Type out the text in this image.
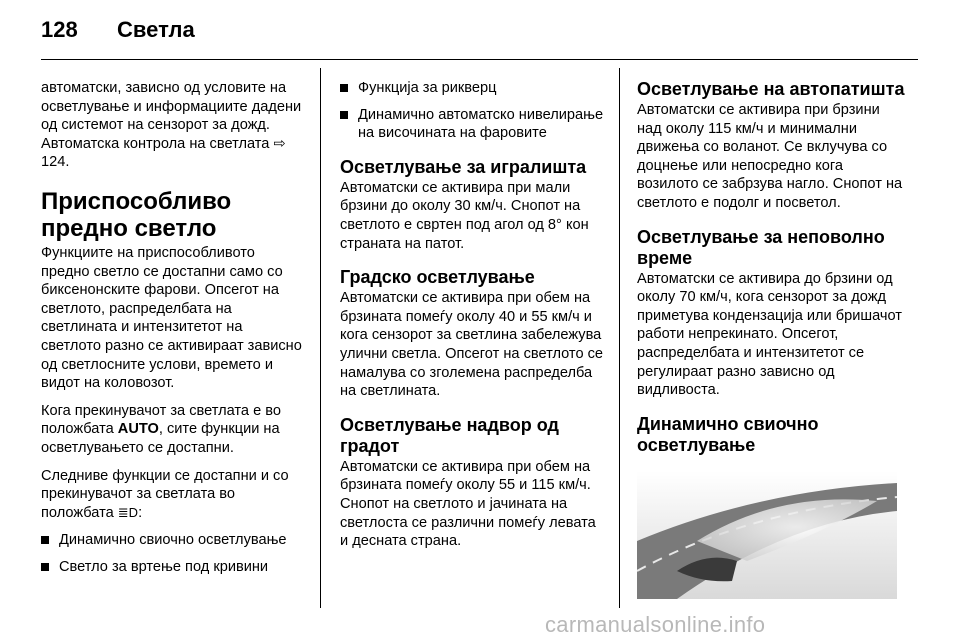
128 Светла

автоматски, зависно од условите на осветлување и информациите дадени од системот на сензорот за дожд. Автоматска контрола на светлата ⇨ 124.

Приспособливо предно светло

Функциите на приспособливото предно светло се достапни само со биксенонските фарови. Опсегот на светлото, распределбата на светлината и интензитетот на светлото разно се активираат зависно од светлосните услови, времето и видот на коловозот.

Кога прекинувачот за светлата е во положбата AUTO, сите функции на осветлувањето се достапни.

Следниве функции се достапни и со прекинувачот за светлата во положбата ≣D:

Динамично свиочно осветлување
Светло за вртење под кривини
Функција за рикверц
Динамично автоматско нивелирање на височината на фаровите
Осветлување за игралишта

Автоматски се активира при мали брзини до околу 30 км/ч. Снопот на светлото е свртен под агол од 8° кон страната на патот.

Градско осветлување

Автоматски се активира при обем на брзината помеѓу околу 40 и 55 км/ч и кога сензорот за светлина забележува улични светла. Опсегот на светлото се намалува со зголемена распределба на светлината.

Осветлување надвор од градот

Автоматски се активира при обем на брзината помеѓу околу 55 и 115 км/ч. Снопот на светлото и јачината на светлоста се различни помеѓу левата и десната страна.

Осветлување на автопатишта

Автоматски се активира при брзини над околу 115 км/ч и минимални движења со воланот. Се вклучува со доцнење или непосредно кога возилото се забрзува нагло. Снопот на светлото е подолг и посветол.

Осветлување за неповолно време

Автоматски се активира до брзини од околу 70 км/ч, кога сензорот за дожд приметува кондензација или бришачот работи непрекинато. Опсегот, распределбата и интензитетот се регулираат разно зависно од видливоста.

Динамично свиочно осветлување
carmanualsonline.info
